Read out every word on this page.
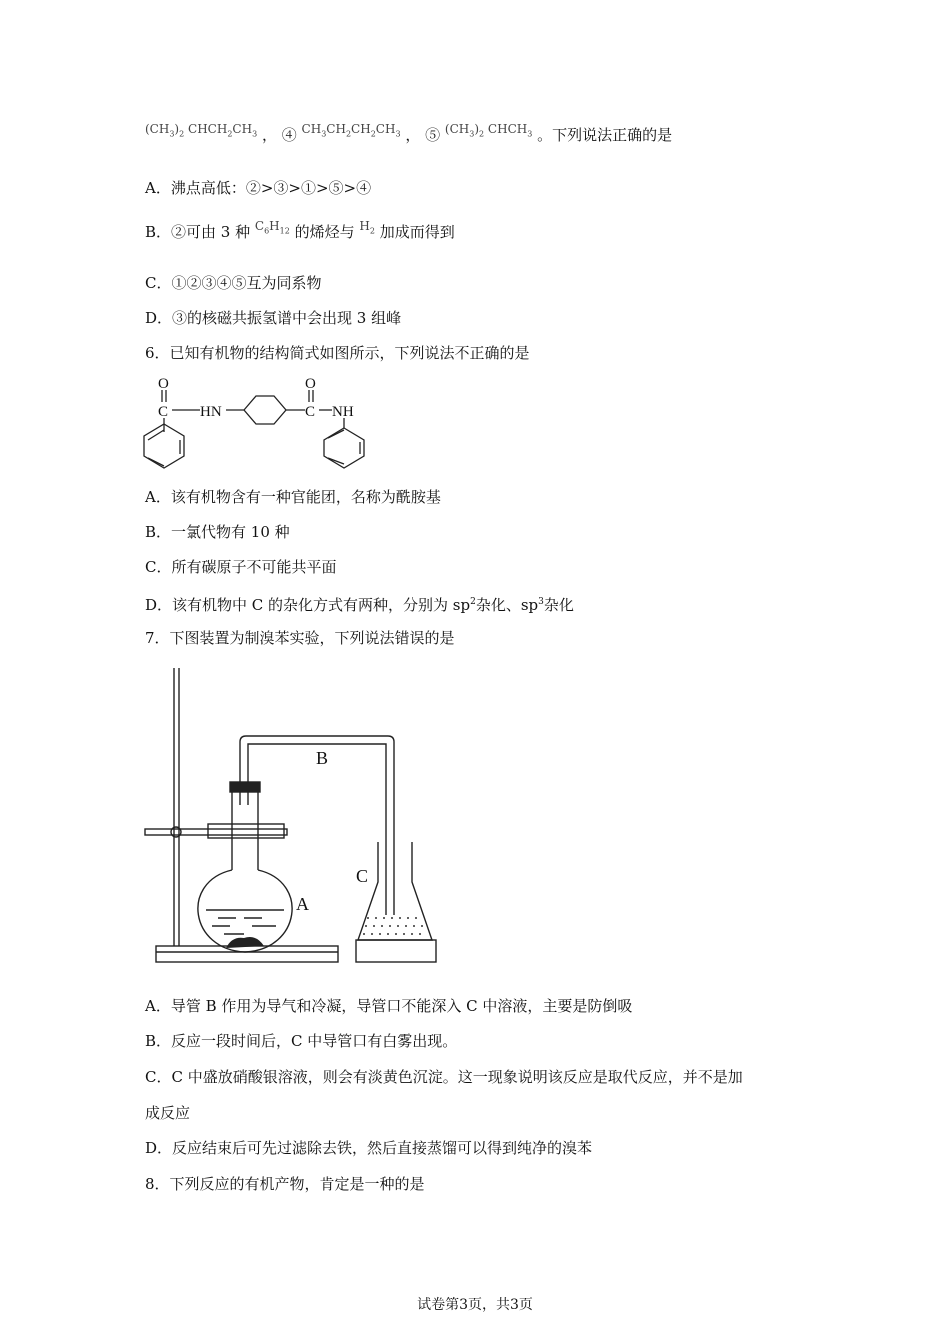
$^{(CH_3)_2 CHCH_2CH_3}$ ， ④ $^{CH_3CH_2CH_2CH_3}$ ， ⑤ $^{(CH_3)_2 CHCH_3}$ 。下列说法正确的是
A．沸点高低：②>③>①>⑤>④
B．②可由 3 种 $^{C_6H_{12}}$ 的烯烃与 $^{H_2}$ 加成而得到
C．①②③④⑤互为同系物
D．③的核磁共振氢谱中会出现 3 组峰
6．已知有机物的结构简式如图所示，下列说法不正确的是
O
C HN
O
C NH
A．该有机物含有一种官能团，名称为酰胺基
B．一氯代物有 10 种
C．所有碳原子不可能共平面
D．该有机物中 C 的杂化方式有两种，分别为 $sp^2$杂化、$sp^3$杂化
7．下图装置为制溴苯实验，下列说法错误的是
B
C
A
A．导管 B 作用为导气和冷凝，导管口不能深入 C 中溶液，主要是防倒吸
B．反应一段时间后，C 中导管口有白雾出现。
C．C 中盛放硝酸银溶液，则会有淡黄色沉淀。这一现象说明该反应是取代反应，并不是加
成反应
D．反应结束后可先过滤除去铁，然后直接蒸馏可以得到纯净的溴苯
8．下列反应的有机产物，肯定是一种的是
试卷第3页，共3页
